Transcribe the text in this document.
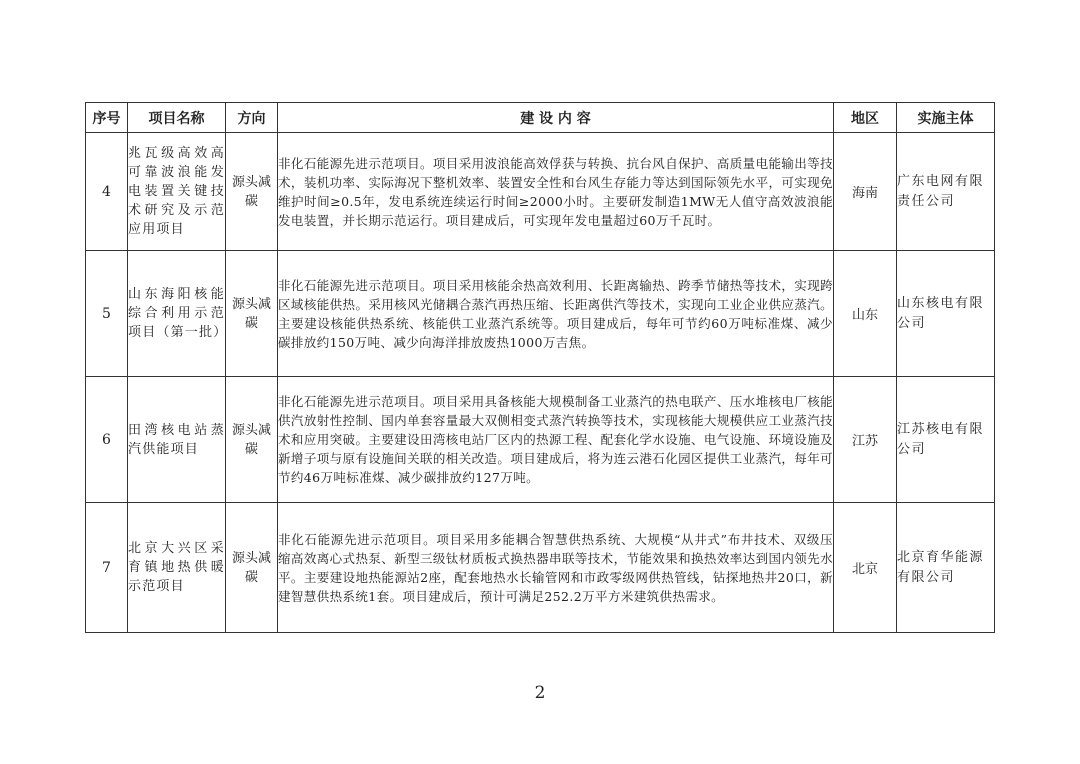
序号	项目名称	方向	建 设 内 容	地区	实施主体
4	兆瓦级高效高可靠波浪能发电装置关键技术研究及示范应用项目	源头减碳	非化石能源先进示范项目。项目采用波浪能高效俘获与转换、抗台风自保护、高质量电能输出等技术，装机功率、实际海况下整机效率、装置安全性和台风生存能力等达到国际领先水平，可实现免维护时间≥0.5年，发电系统连续运行时间≥2000小时。主要研发制造1MW无人值守高效波浪能发电装置，并长期示范运行。项目建成后，可实现年发电量超过60万千瓦时。	海南	广东电网有限责任公司
5	山东海阳核能综合利用示范项目（第一批）	源头减碳	非化石能源先进示范项目。项目采用核能余热高效利用、长距离输热、跨季节储热等技术，实现跨区域核能供热。采用核风光储耦合蒸汽再热压缩、长距离供汽等技术，实现向工业企业供应蒸汽。主要建设核能供热系统、核能供工业蒸汽系统等。项目建成后，每年可节约60万吨标准煤、减少碳排放约150万吨、减少向海洋排放废热1000万吉焦。	山东	山东核电有限公司
6	田湾核电站蒸汽供能项目	源头减碳	非化石能源先进示范项目。项目采用具备核能大规模制备工业蒸汽的热电联产、压水堆核电厂核能供汽放射性控制、国内单套容量最大双侧相变式蒸汽转换等技术，实现核能大规模供应工业蒸汽技术和应用突破。主要建设田湾核电站厂区内的热源工程、配套化学水设施、电气设施、环境设施及新增子项与原有设施间关联的相关改造。项目建成后，将为连云港石化园区提供工业蒸汽，每年可节约46万吨标准煤、减少碳排放约127万吨。	江苏	江苏核电有限公司
7	北京大兴区采育镇地热供暖示范项目	源头减碳	非化石能源先进示范项目。项目采用多能耦合智慧供热系统、大规模“从井式”布井技术、双级压缩高效离心式热泵、新型三级钛材质板式换热器串联等技术，节能效果和换热效率达到国内领先水平。主要建设地热能源站2座，配套地热水长输管网和市政零级网供热管线，钻探地热井20口，新建智慧供热系统1套。项目建成后，预计可满足252.2万平方米建筑供热需求。	北京	北京育华能源有限公司
2
